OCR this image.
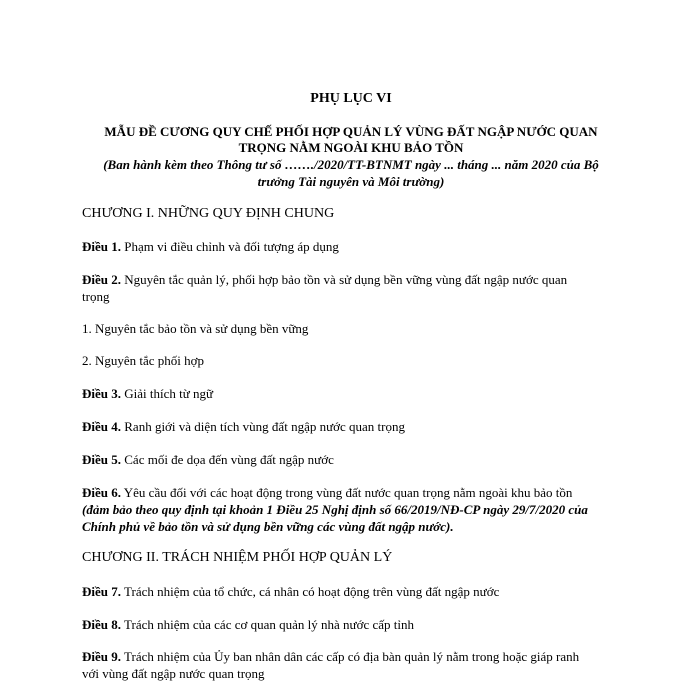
PHỤ LỤC VI
MẪU ĐỀ CƯƠNG QUY CHẾ PHỐI HỢP QUẢN LÝ VÙNG ĐẤT NGẬP NƯỚC QUAN
TRỌNG NẰM NGOÀI KHU BẢO TỒN
(Ban hành kèm theo Thông tư số ……./2020/TT-BTNMT ngày ... tháng ... năm 2020 của Bộ
trưởng Tài nguyên và Môi trường)
CHƯƠNG I. NHỮNG QUY ĐỊNH CHUNG
Điều 1. Phạm vi điều chỉnh và đối tượng áp dụng
Điều 2. Nguyên tắc quản lý, phối hợp bảo tồn và sử dụng bền vững vùng đất ngập nước quan
trọng
1. Nguyên tắc bảo tồn và sử dụng bền vững
2. Nguyên tắc phối hợp
Điều 3. Giải thích từ ngữ
Điều 4. Ranh giới và diện tích vùng đất ngập nước quan trọng
Điều 5. Các mối đe dọa đến vùng đất ngập nước
Điều 6. Yêu cầu đối với các hoạt động trong vùng đất nước quan trọng nằm ngoài khu bảo tồn
(đảm bảo theo quy định tại khoản 1 Điều 25 Nghị định số 66/2019/NĐ-CP ngày 29/7/2020 của
Chính phủ về bảo tồn và sử dụng bền vững các vùng đất ngập nước).
CHƯƠNG II. TRÁCH NHIỆM PHỐI HỢP QUẢN LÝ
Điều 7. Trách nhiệm của tổ chức, cá nhân có hoạt động trên vùng đất ngập nước
Điều 8. Trách nhiệm của các cơ quan quản lý nhà nước cấp tỉnh
Điều 9. Trách nhiệm của Ủy ban nhân dân các cấp có địa bàn quản lý nằm trong hoặc giáp ranh
với vùng đất ngập nước quan trọng
